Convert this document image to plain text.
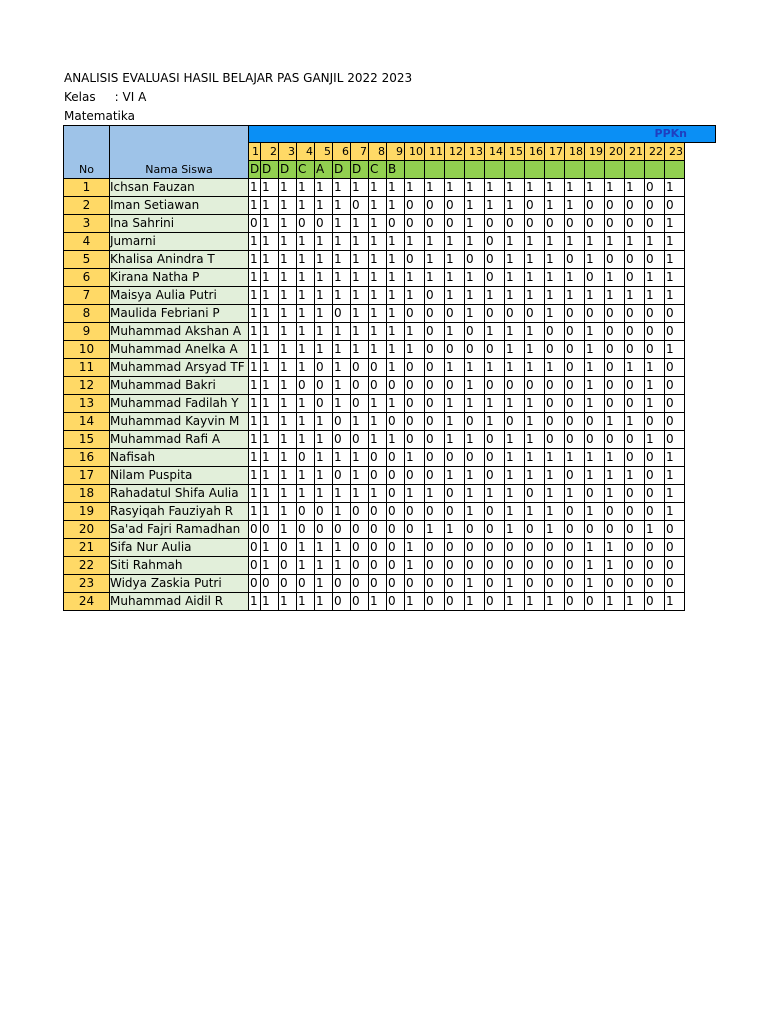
ANALISIS EVALUASI HASIL BELAJAR PAS GANJIL 2022 2023
Kelas     : VI A
Matematika
No	Nama Siswa																							
		1	2	3	4	5	6	7	8	9	10	11	12	13	14	15	16	17	18	19	20	21	22	23
		D	D	D	C	A	D	D	C	B														
1	Ichsan Fauzan	1	1	1	1	1	1	1	1	1	1	1	1	1	1	1	1	1	1	1	1	1	0	1
2	Iman Setiawan	1	1	1	1	1	1	0	1	1	0	0	0	1	1	1	0	1	1	0	0	0	0	0
3	Ina Sahrini	0	1	1	0	0	1	1	1	0	0	0	0	1	0	0	0	0	0	0	0	0	0	1
4	Jumarni	1	1	1	1	1	1	1	1	1	1	1	1	1	0	1	1	1	1	1	1	1	1	1
5	Khalisa Anindra T	1	1	1	1	1	1	1	1	1	0	1	1	0	0	1	1	1	0	1	0	0	0	1
6	Kirana Natha P	1	1	1	1	1	1	1	1	1	1	1	1	1	0	1	1	1	1	0	1	0	1	1
7	Maisya Aulia Putri	1	1	1	1	1	1	1	1	1	1	0	1	1	1	1	1	1	1	1	1	1	1	1
8	Maulida Febriani P	1	1	1	1	1	0	1	1	1	0	0	0	1	0	0	0	1	0	0	0	0	0	0
9	Muhammad Akshan A	1	1	1	1	1	1	1	1	1	1	0	1	0	1	1	1	0	0	1	0	0	0	0
10	Muhammad Anelka A	1	1	1	1	1	1	1	1	1	1	0	0	0	0	1	1	0	0	1	0	0	0	1
11	Muhammad Arsyad TF	1	1	1	1	0	1	0	0	1	0	0	1	1	1	1	1	1	0	1	0	1	1	0
12	Muhammad Bakri	1	1	1	0	0	1	0	0	0	0	0	0	1	0	0	0	0	0	1	0	0	1	0
13	Muhammad Fadilah Y	1	1	1	1	0	1	0	1	1	0	0	1	1	1	1	1	0	0	1	0	0	1	0
14	Muhammad Kayvin M	1	1	1	1	1	0	1	1	0	0	0	1	0	1	0	1	0	0	0	1	1	0	0
15	Muhammad Rafi A	1	1	1	1	1	0	0	1	1	0	0	1	1	0	1	1	0	0	0	0	0	1	0
16	Nafisah	1	1	1	0	1	1	1	0	0	1	0	0	0	0	1	1	1	1	1	1	0	0	1
17	Nilam Puspita	1	1	1	1	1	0	1	0	0	0	0	1	1	0	1	1	1	0	1	1	1	0	1
18	Rahadatul Shifa Aulia	1	1	1	1	1	1	1	1	0	1	1	0	1	1	1	0	1	1	0	1	0	0	1
19	Rasyiqah Fauziyah R	1	1	1	0	0	1	0	0	0	0	0	0	1	0	1	1	1	0	1	0	0	0	1
20	Sa'ad Fajri Ramadhan	0	0	1	0	0	0	0	0	0	0	1	1	0	0	1	0	1	0	0	0	0	1	0
21	Sifa Nur Aulia	0	1	0	1	1	1	0	0	0	1	0	0	0	0	0	0	0	0	1	1	0	0	0
22	Siti Rahmah	0	1	0	1	1	1	0	0	0	1	0	0	0	0	0	0	0	0	1	1	0	0	0
23	Widya Zaskia Putri	0	0	0	0	1	0	0	0	0	0	0	0	1	0	1	0	0	0	1	0	0	0	0
24	Muhammad Aidil R	1	1	1	1	1	0	0	1	0	1	0	0	1	0	1	1	1	0	0	1	1	0	1
PPKn
